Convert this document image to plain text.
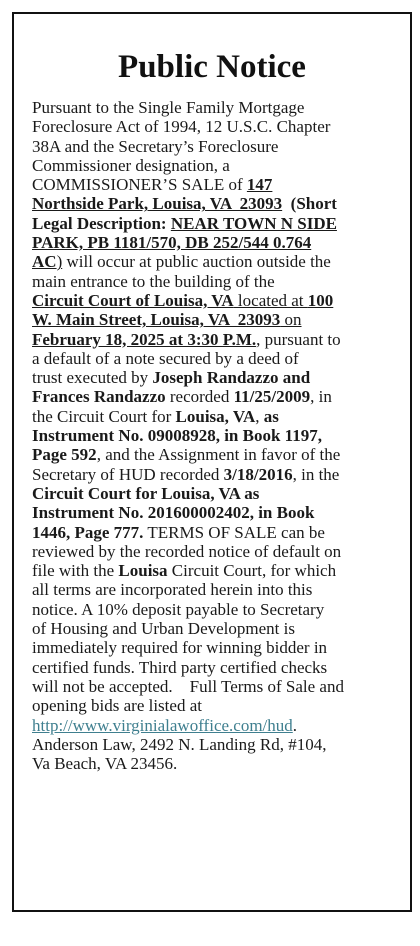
Public Notice
Pursuant to the Single Family Mortgage
Foreclosure Act of 1994, 12 U.S.C. Chapter
38A and the Secretary’s Foreclosure
Commissioner designation, a
COMMISSIONER’S SALE of 147
Northside Park, Louisa, VA  23093  (Short
Legal Description: NEAR TOWN N SIDE
PARK, PB 1181/570, DB 252/544 0.764
AC) will occur at public auction outside the
main entrance to the building of the
Circuit Court of Louisa, VA located at 100
W. Main Street, Louisa, VA  23093 on
February 18, 2025 at 3:30 P.M., pursuant to
a default of a note secured by a deed of
trust executed by Joseph Randazzo and
Frances Randazzo recorded 11/25/2009, in
the Circuit Court for Louisa, VA, as
Instrument No. 09008928, in Book 1197,
Page 592, and the Assignment in favor of the
Secretary of HUD recorded 3/18/2016, in the
Circuit Court for Louisa, VA as
Instrument No. 201600002402, in Book
1446, Page 777. TERMS OF SALE can be
reviewed by the recorded notice of default on
file with the Louisa Circuit Court, for which
all terms are incorporated herein into this
notice. A 10% deposit payable to Secretary
of Housing and Urban Development is
immediately required for winning bidder in
certified funds. Third party certified checks
will not be accepted.    Full Terms of Sale and
opening bids are listed at
http://www.virginialawoffice.com/hud.
Anderson Law, 2492 N. Landing Rd, #104,
Va Beach, VA 23456.
